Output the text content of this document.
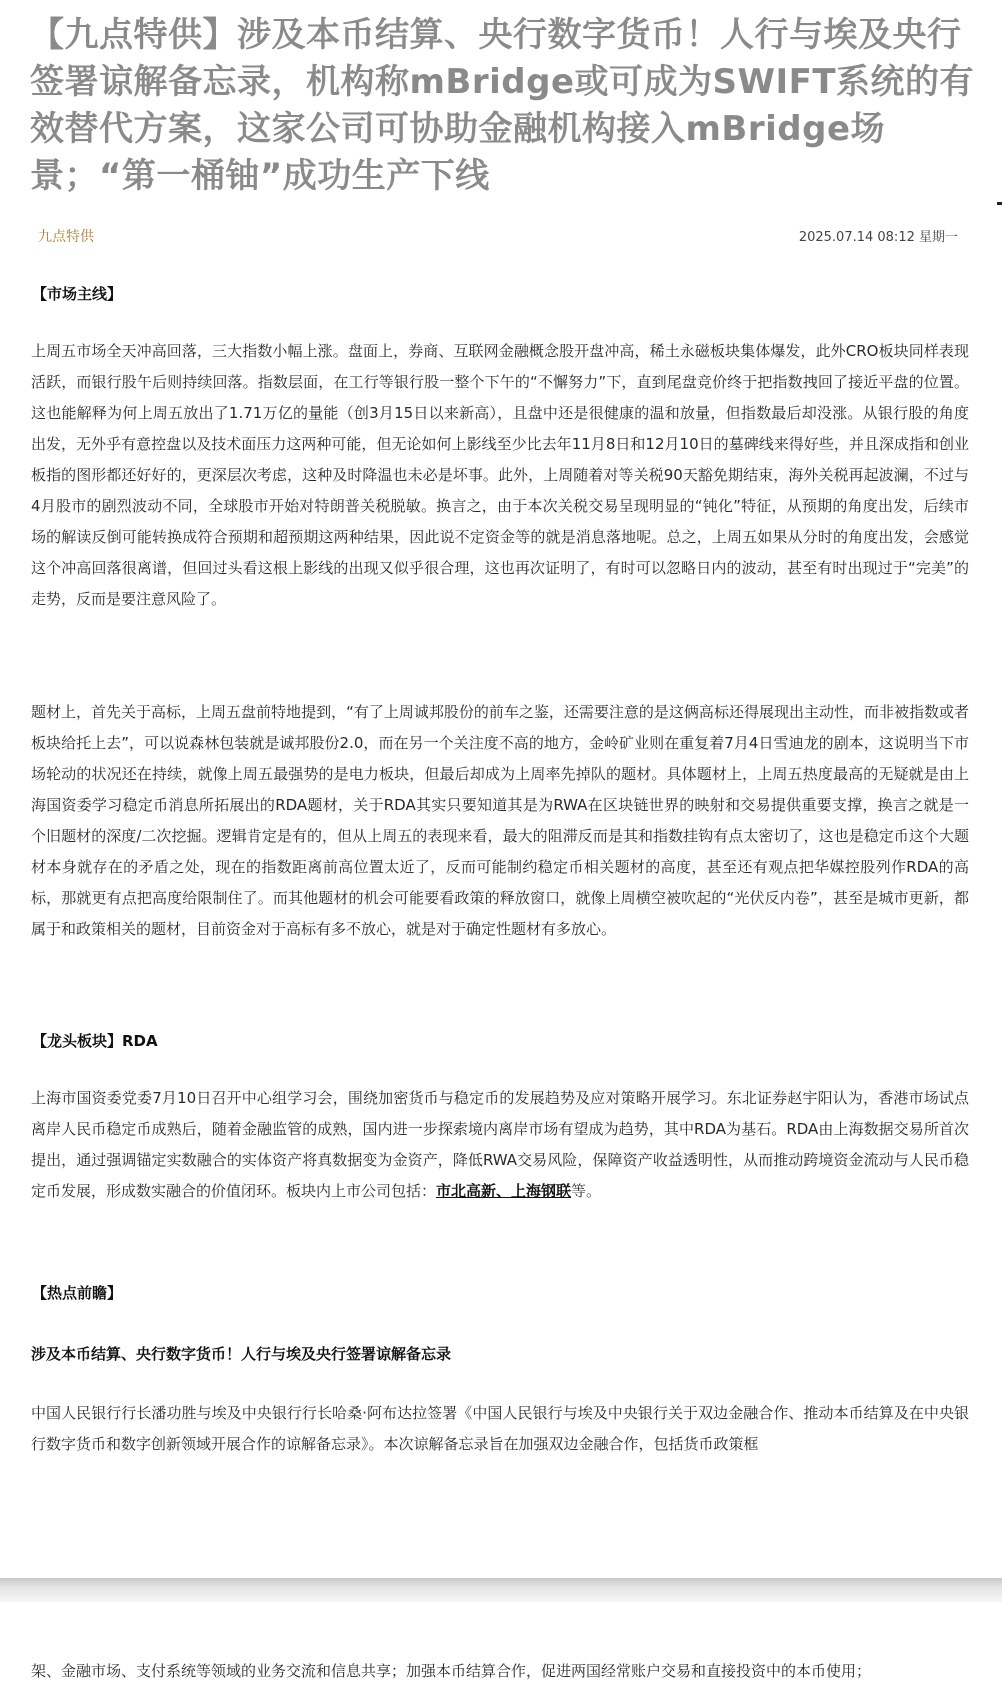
【九点特供】涉及本币结算、央行数字货币！人行与埃及央行签署谅解备忘录，机构称mBridge或可成为SWIFT系统的有效替代方案，这家公司可协助金融机构接入mBridge场景；“第一桶铀”成功生产下线
九点特供	2025.07.14 08:12 星期一
【市场主线】

上周五市场全天冲高回落，三大指数小幅上涨。盘面上，券商、互联网金融概念股开盘冲高，稀土永磁板块集体爆发，此外CRO板块同样表现活跃，而银行股午后则持续回落。指数层面，在工行等银行股一整个下午的“不懈努力”下，直到尾盘竞价终于把指数拽回了接近平盘的位置。这也能解释为何上周五放出了1.71万亿的量能（创3月15日以来新高），且盘中还是很健康的温和放量，但指数最后却没涨。从银行股的角度出发，无外乎有意控盘以及技术面压力这两种可能，但无论如何上影线至少比去年11月8日和12月10日的墓碑线来得好些，并且深成指和创业板指的图形都还好好的，更深层次考虑，这种及时降温也未必是坏事。此外，上周随着对等关税90天豁免期结束，海外关税再起波澜，不过与4月股市的剧烈波动不同，全球股市开始对特朗普关税脱敏。换言之，由于本次关税交易呈现明显的“钝化”特征，从预期的角度出发，后续市场的解读反倒可能转换成符合预期和超预期这两种结果，因此说不定资金等的就是消息落地呢。总之，上周五如果从分时的角度出发，会感觉这个冲高回落很离谱，但回过头看这根上影线的出现又似乎很合理，这也再次证明了，有时可以忽略日内的波动，甚至有时出现过于“完美”的走势，反而是要注意风险了。

题材上，首先关于高标，上周五盘前特地提到，“有了上周诚邦股份的前车之鉴，还需要注意的是这俩高标还得展现出主动性，而非被指数或者板块给托上去”，可以说森林包装就是诚邦股份2.0，而在另一个关注度不高的地方，金岭矿业则在重复着7月4日雪迪龙的剧本，这说明当下市场轮动的状况还在持续，就像上周五最强势的是电力板块，但最后却成为上周率先掉队的题材。具体题材上，上周五热度最高的无疑就是由上海国资委学习稳定币消息所拓展出的RDA题材，关于RDA其实只要知道其是为RWA在区块链世界的映射和交易提供重要支撑，换言之就是一个旧题材的深度/二次挖掘。逻辑肯定是有的，但从上周五的表现来看，最大的阻滞反而是其和指数挂钩有点太密切了，这也是稳定币这个大题材本身就存在的矛盾之处，现在的指数距离前高位置太近了，反而可能制约稳定币相关题材的高度，甚至还有观点把华媒控股列作RDA的高标，那就更有点把高度给限制住了。而其他题材的机会可能要看政策的释放窗口，就像上周横空被吹起的“光伏反内卷”，甚至是城市更新，都属于和政策相关的题材，目前资金对于高标有多不放心，就是对于确定性题材有多放心。

【龙头板块】RDA

上海市国资委党委7月10日召开中心组学习会，围绕加密货币与稳定币的发展趋势及应对策略开展学习。东北证券赵宇阳认为，香港市场试点离岸人民币稳定币成熟后，随着金融监管的成熟，国内进一步探索境内离岸市场有望成为趋势，其中RDA为基石。RDA由上海数据交易所首次提出，通过强调锚定实数融合的实体资产将真数据变为金资产，降低RWA交易风险，保障资产收益透明性，从而推动跨境资金流动与人民币稳定币发展，形成数实融合的价值闭环。板块内上市公司包括：市北高新、上海钢联等。

【热点前瞻】
涉及本币结算、央行数字货币！人行与埃及央行签署谅解备忘录

中国人民银行行长潘功胜与埃及中央银行行长哈桑·阿布达拉签署《中国人民银行与埃及中央银行关于双边金融合作、推动本币结算及在中央银行数字货币和数字创新领域开展合作的谅解备忘录》。本次谅解备忘录旨在加强双边金融合作，包括货币政策框

架、金融市场、支付系统等领域的业务交流和信息共享；加强本币结算合作，促进两国经常账户交易和直接投资中的本币使用；
